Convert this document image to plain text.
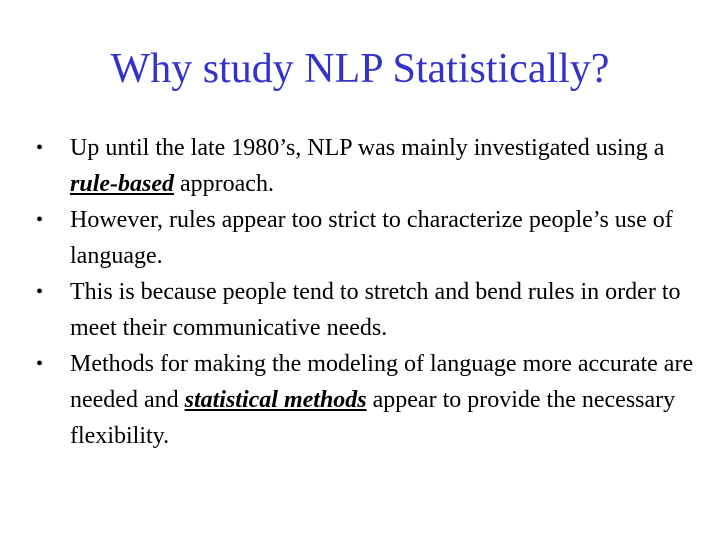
Why study NLP Statistically?
• Up until the late 1980’s, NLP was mainly investigated using a rule-based approach.
• However, rules appear too strict to characterize people’s use of language.
• This is because people tend to stretch and bend rules in order to meet their communicative needs.
• Methods for making the modeling of language more accurate are needed and statistical methods appear to provide the necessary flexibility.
